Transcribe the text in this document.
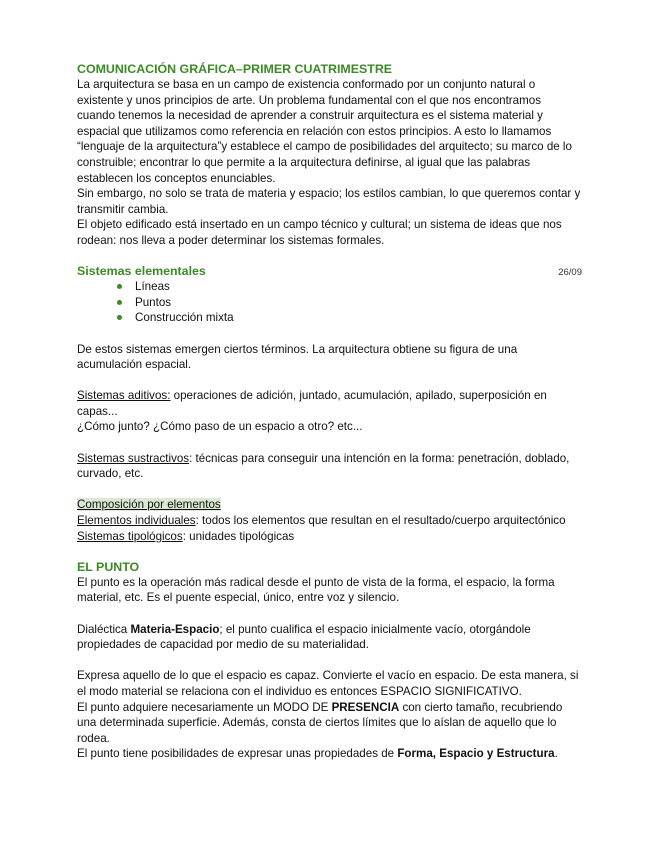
COMUNICACIÓN GRÁFICA–PRIMER CUATRIMESTRE

La arquitectura se basa en un campo de existencia conformado por un conjunto natural o existente y unos principios de arte. Un problema fundamental con el que nos encontramos cuando tenemos la necesidad de aprender a construir arquitectura es el sistema material y espacial que utilizamos como referencia en relación con estos principios. A esto lo llamamos “lenguaje de la arquitectura”y establece el campo de posibilidades del arquitecto; su marco de lo construible; encontrar lo que permite a la arquitectura definirse, al igual que las palabras establecen los conceptos enunciables.

Sin embargo, no solo se trata de materia y espacio; los estilos cambian, lo que queremos contar y transmitir cambia.

El objeto edificado está insertado en un campo técnico y cultural; un sistema de ideas que nos rodean: nos lleva a poder determinar los sistemas formales.

Sistemas elementales	26/09
Líneas
Puntos
Construcción mixta

De estos sistemas emergen ciertos términos. La arquitectura obtiene su figura de una acumulación espacial.

Sistemas aditivos: operaciones de adición, juntado, acumulación, apilado, superposición en capas...

¿Cómo junto? ¿Cómo paso de un espacio a otro? etc...

Sistemas sustractivos: técnicas para conseguir una intención en la forma: penetración, doblado, curvado, etc.

Composición por elementos

Elementos individuales: todos los elementos que resultan en el resultado/cuerpo arquitectónico

Sistemas tipológicos: unidades tipológicas

EL PUNTO

El punto es la operación más radical desde el punto de vista de la forma, el espacio, la forma material, etc. Es el puente especial, único, entre voz y silencio.

Dialéctica Materia-Espacio; el punto cualifica el espacio inicialmente vacío, otorgándole propiedades de capacidad por medio de su materialidad.

Expresa aquello de lo que el espacio es capaz. Convierte el vacío en espacio. De esta manera, si el modo material se relaciona con el individuo es entonces ESPACIO SIGNIFICATIVO.

El punto adquiere necesariamente un MODO DE PRESENCIA con cierto tamaño, recubriendo una determinada superficie. Además, consta de ciertos límites que lo aíslan de aquello que lo rodea.

El punto tiene posibilidades de expresar unas propiedades de Forma, Espacio y Estructura.
